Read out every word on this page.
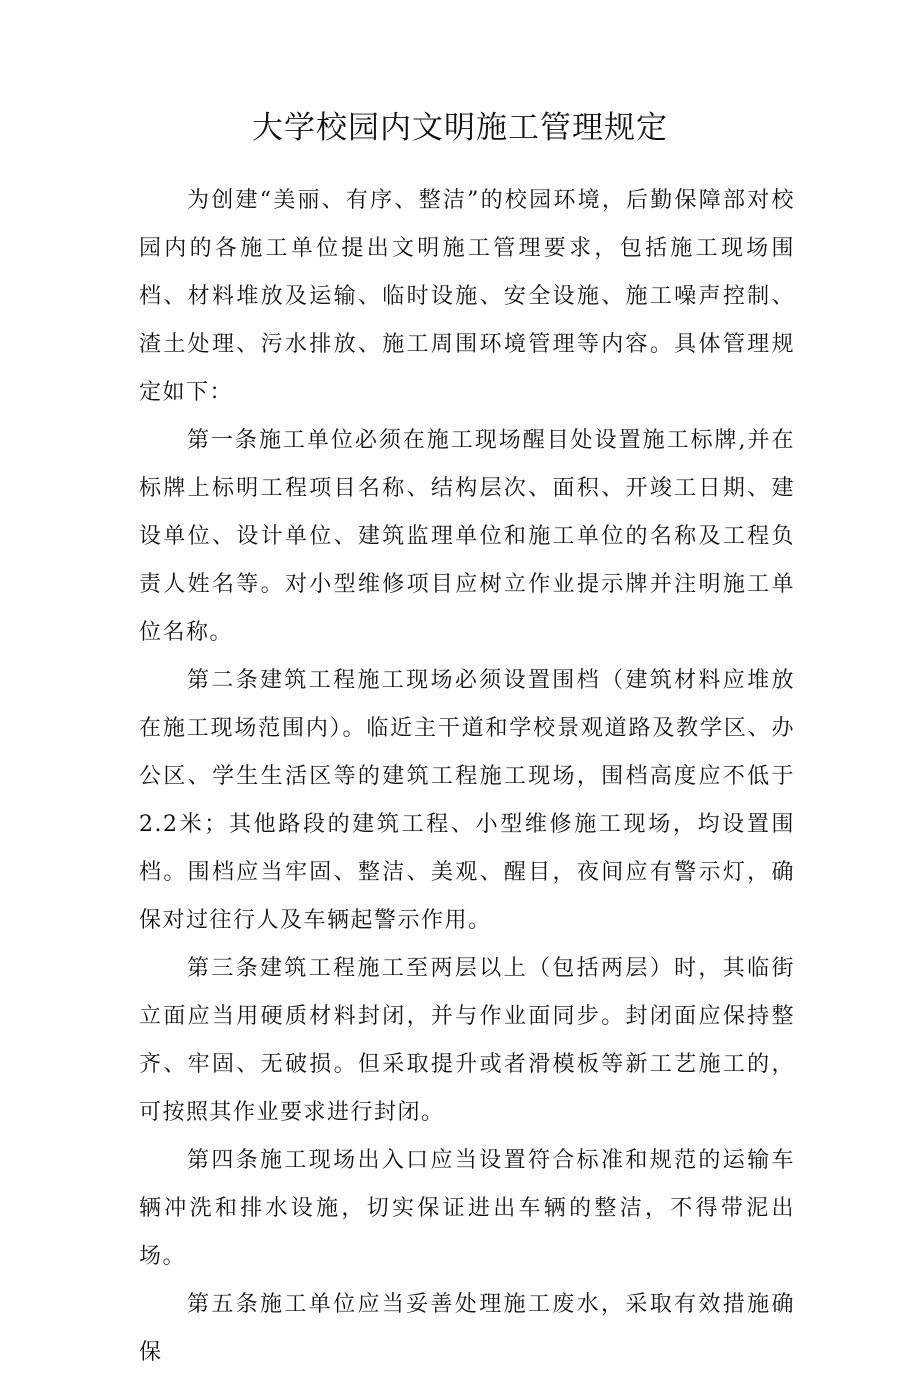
大学校园内文明施工管理规定

为创建“美丽、有序、整洁”的校园环境，后勤保障部对校园内的各施工单位提出文明施工管理要求，包括施工现场围档、材料堆放及运输、临时设施、安全设施、施工噪声控制、渣土处理、污水排放、施工周围环境管理等内容。具体管理规定如下：

第一条施工单位必须在施工现场醒目处设置施工标牌,并在标牌上标明工程项目名称、结构层次、面积、开竣工日期、建设单位、设计单位、建筑监理单位和施工单位的名称及工程负责人姓名等。对小型维修项目应树立作业提示牌并注明施工单位名称。

第二条建筑工程施工现场必须设置围档（建筑材料应堆放在施工现场范围内）。临近主干道和学校景观道路及教学区、办公区、学生生活区等的建筑工程施工现场，围档高度应不低于2.2米；其他路段的建筑工程、小型维修施工现场，均设置围档。围档应当牢固、整洁、美观、醒目，夜间应有警示灯，确保对过往行人及车辆起警示作用。

第三条建筑工程施工至两层以上（包括两层）时，其临街立面应当用硬质材料封闭，并与作业面同步。封闭面应保持整齐、牢固、无破损。但采取提升或者滑模板等新工艺施工的，可按照其作业要求进行封闭。

第四条施工现场出入口应当设置符合标准和规范的运输车辆冲洗和排水设施，切实保证进出车辆的整洁，不得带泥出场。

第五条施工单位应当妥善处理施工废水，采取有效措施确保
